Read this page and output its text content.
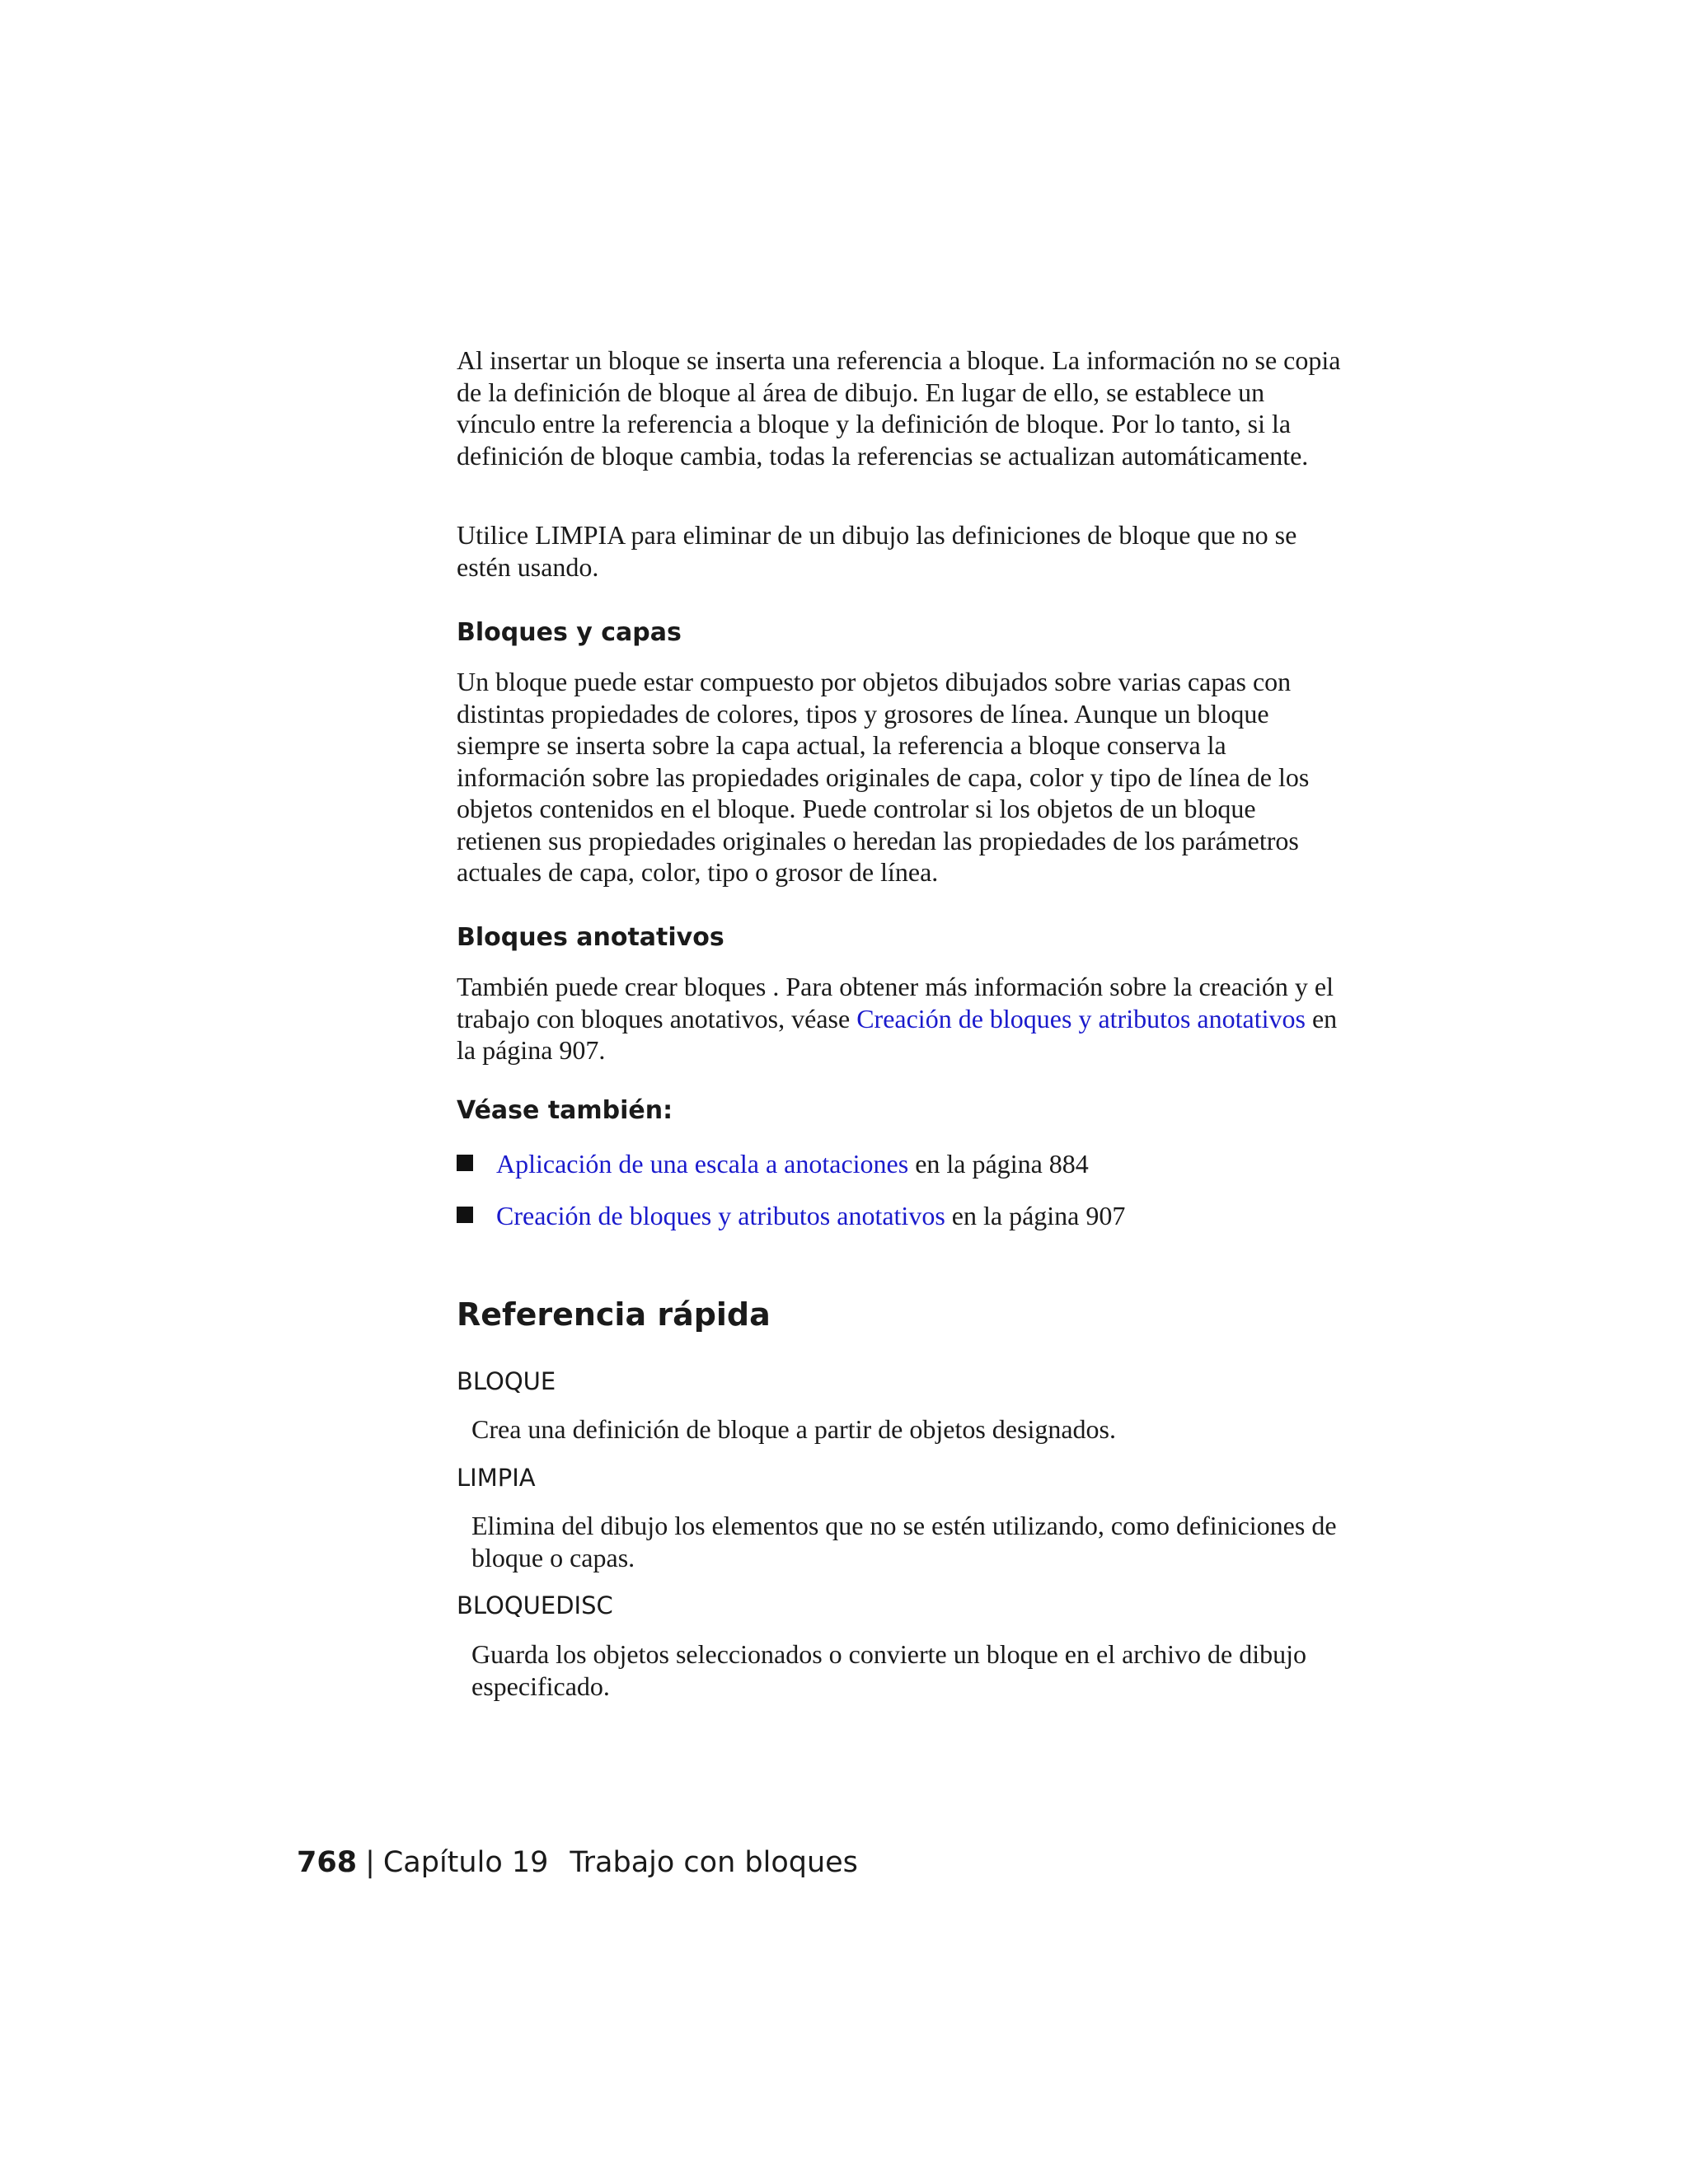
Al insertar un bloque se inserta una referencia a bloque. La información no se copia de la definición de bloque al área de dibujo. En lugar de ello, se establece un vínculo entre la referencia a bloque y la definición de bloque. Por lo tanto, si la definición de bloque cambia, todas la referencias se actualizan automáticamente.

Utilice LIMPIA para eliminar de un dibujo las definiciones de bloque que no se estén usando.

Bloques y capas

Un bloque puede estar compuesto por objetos dibujados sobre varias capas con distintas propiedades de colores, tipos y grosores de línea. Aunque un bloque siempre se inserta sobre la capa actual, la referencia a bloque conserva la información sobre las propiedades originales de capa, color y tipo de línea de los objetos contenidos en el bloque. Puede controlar si los objetos de un bloque retienen sus propiedades originales o heredan las propiedades de los parámetros actuales de capa, color, tipo o grosor de línea.

Bloques anotativos

También puede crear bloques . Para obtener más información sobre la creación y el trabajo con bloques anotativos, véase Creación de bloques y atributos anotativos en la página 907.

Véase también:
Aplicación de una escala a anotaciones en la página 884
Creación de bloques y atributos anotativos en la página 907
Referencia rápida
BLOQUE

Crea una definición de bloque a partir de objetos designados.

LIMPIA

Elimina del dibujo los elementos que no se estén utilizando, como definiciones de bloque o capas.

BLOQUEDISC

Guarda los objetos seleccionados o convierte un bloque en el archivo de dibujo especificado.

768 | Capítulo 19 Trabajo con bloques
